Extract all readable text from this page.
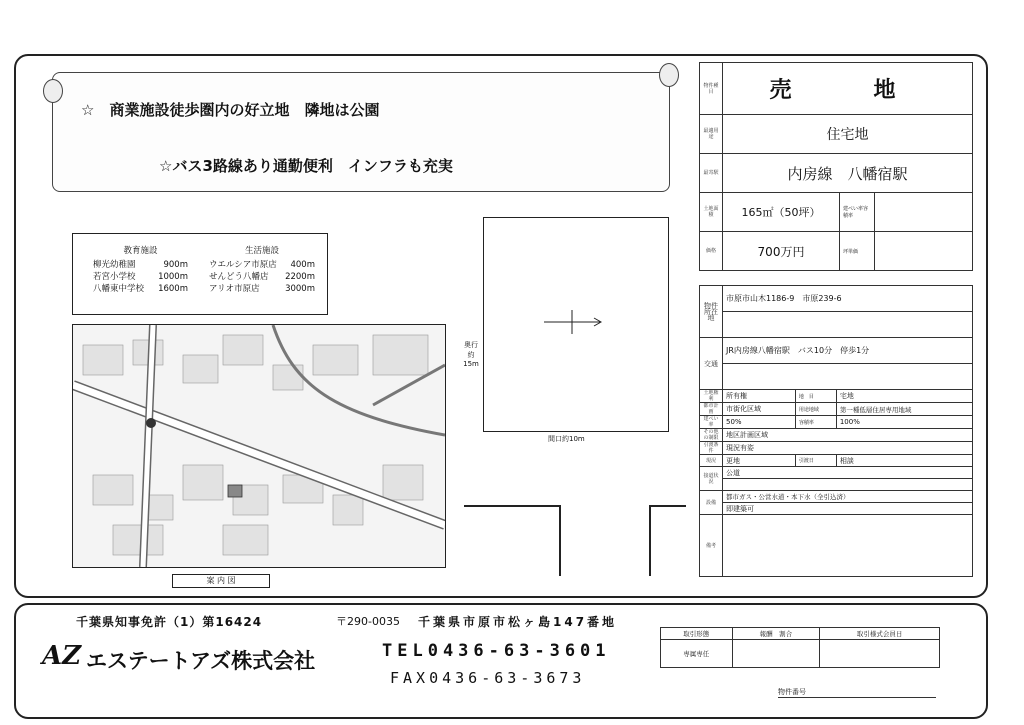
☆　商業施設徒歩圏内の好立地　隣地は公園
☆バス3路線あり通勤便利　インフラも充実
教育施設
柳光幼稚園	900m
若宮小学校	1000m
八幡東中学校 1600m
生活施設
ウエルシア市原店 400m
せんどう八幡店 2200m
アリオ市原店	3000m
案 内 図
奥行
約15m
間口約10m
物件種目	売　地		
最適用途	住宅地		
最寄駅	内房線　八幡宿駅		
土地面積	165㎡（50坪）	建ぺい率容積率	
価格	700万円	坪単価	
物件所在地	市原市山木1186-9　市原239-6		

交通	JR内房線八幡宿駅　バス10分　停歩1分		

土地権利	所有権	地　目	宅地
都市計画	市街化区域	用途地域	第一種低層住居専用地域
建ぺい率	50%	容積率	100%
その他の制限	地区計画区域		
引渡条件	現況有姿		
現況	更地	引渡日	相談
接道状況	公道		

設備	都市ガス・公営水道・本下水（全引込済）		
	即建築可		
備考			
千葉県知事免許（1）第16424	〒290-0035 千葉県市原市松ヶ島147番地
AZ エステートアズ株式会社	TEL0436-63-3601
FAX0436-63-3673
取引形態	報酬　割合	取引様式会員日
専属専任		
物件番号
